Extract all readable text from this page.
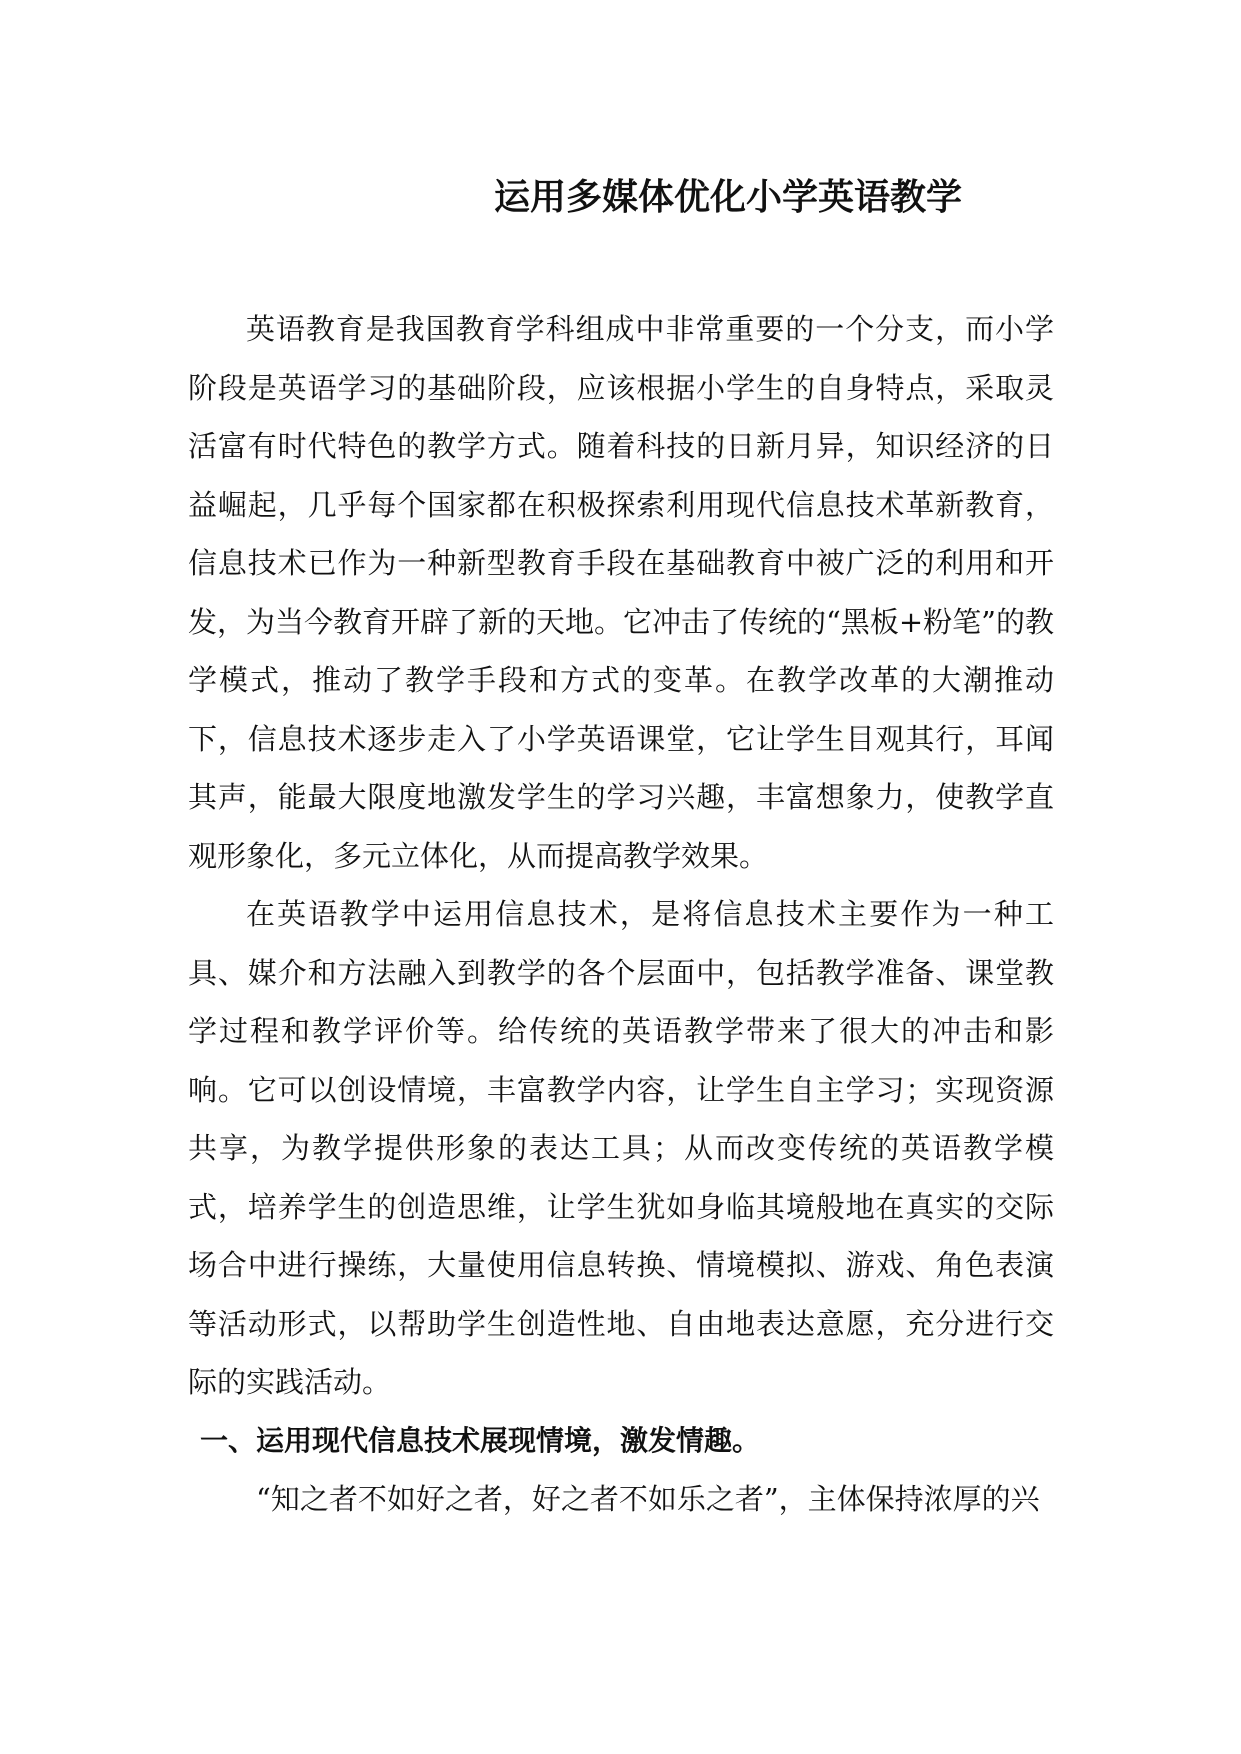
运用多媒体优化小学英语教学

英语教育是我国教育学科组成中非常重要的一个分支，而小学阶段是英语学习的基础阶段，应该根据小学生的自身特点，采取灵活富有时代特色的教学方式。随着科技的日新月异，知识经济的日益崛起，几乎每个国家都在积极探索利用现代信息技术革新教育，信息技术已作为一种新型教育手段在基础教育中被广泛的利用和开发，为当今教育开辟了新的天地。它冲击了传统的“黑板+粉笔”的教学模式，推动了教学手段和方式的变革。在教学改革的大潮推动下，信息技术逐步走入了小学英语课堂，它让学生目观其行，耳闻其声，能最大限度地激发学生的学习兴趣，丰富想象力，使教学直观形象化，多元立体化，从而提高教学效果。

在英语教学中运用信息技术，是将信息技术主要作为一种工具、媒介和方法融入到教学的各个层面中，包括教学准备、课堂教学过程和教学评价等。给传统的英语教学带来了很大的冲击和影响。它可以创设情境，丰富教学内容，让学生自主学习；实现资源共享，为教学提供形象的表达工具；从而改变传统的英语教学模式，培养学生的创造思维，让学生犹如身临其境般地在真实的交际场合中进行操练，大量使用信息转换、情境模拟、游戏、角色表演等活动形式，以帮助学生创造性地、自由地表达意愿，充分进行交际的实践活动。

一、运用现代信息技术展现情境，激发情趣。

“知之者不如好之者，好之者不如乐之者”，主体保持浓厚的兴
